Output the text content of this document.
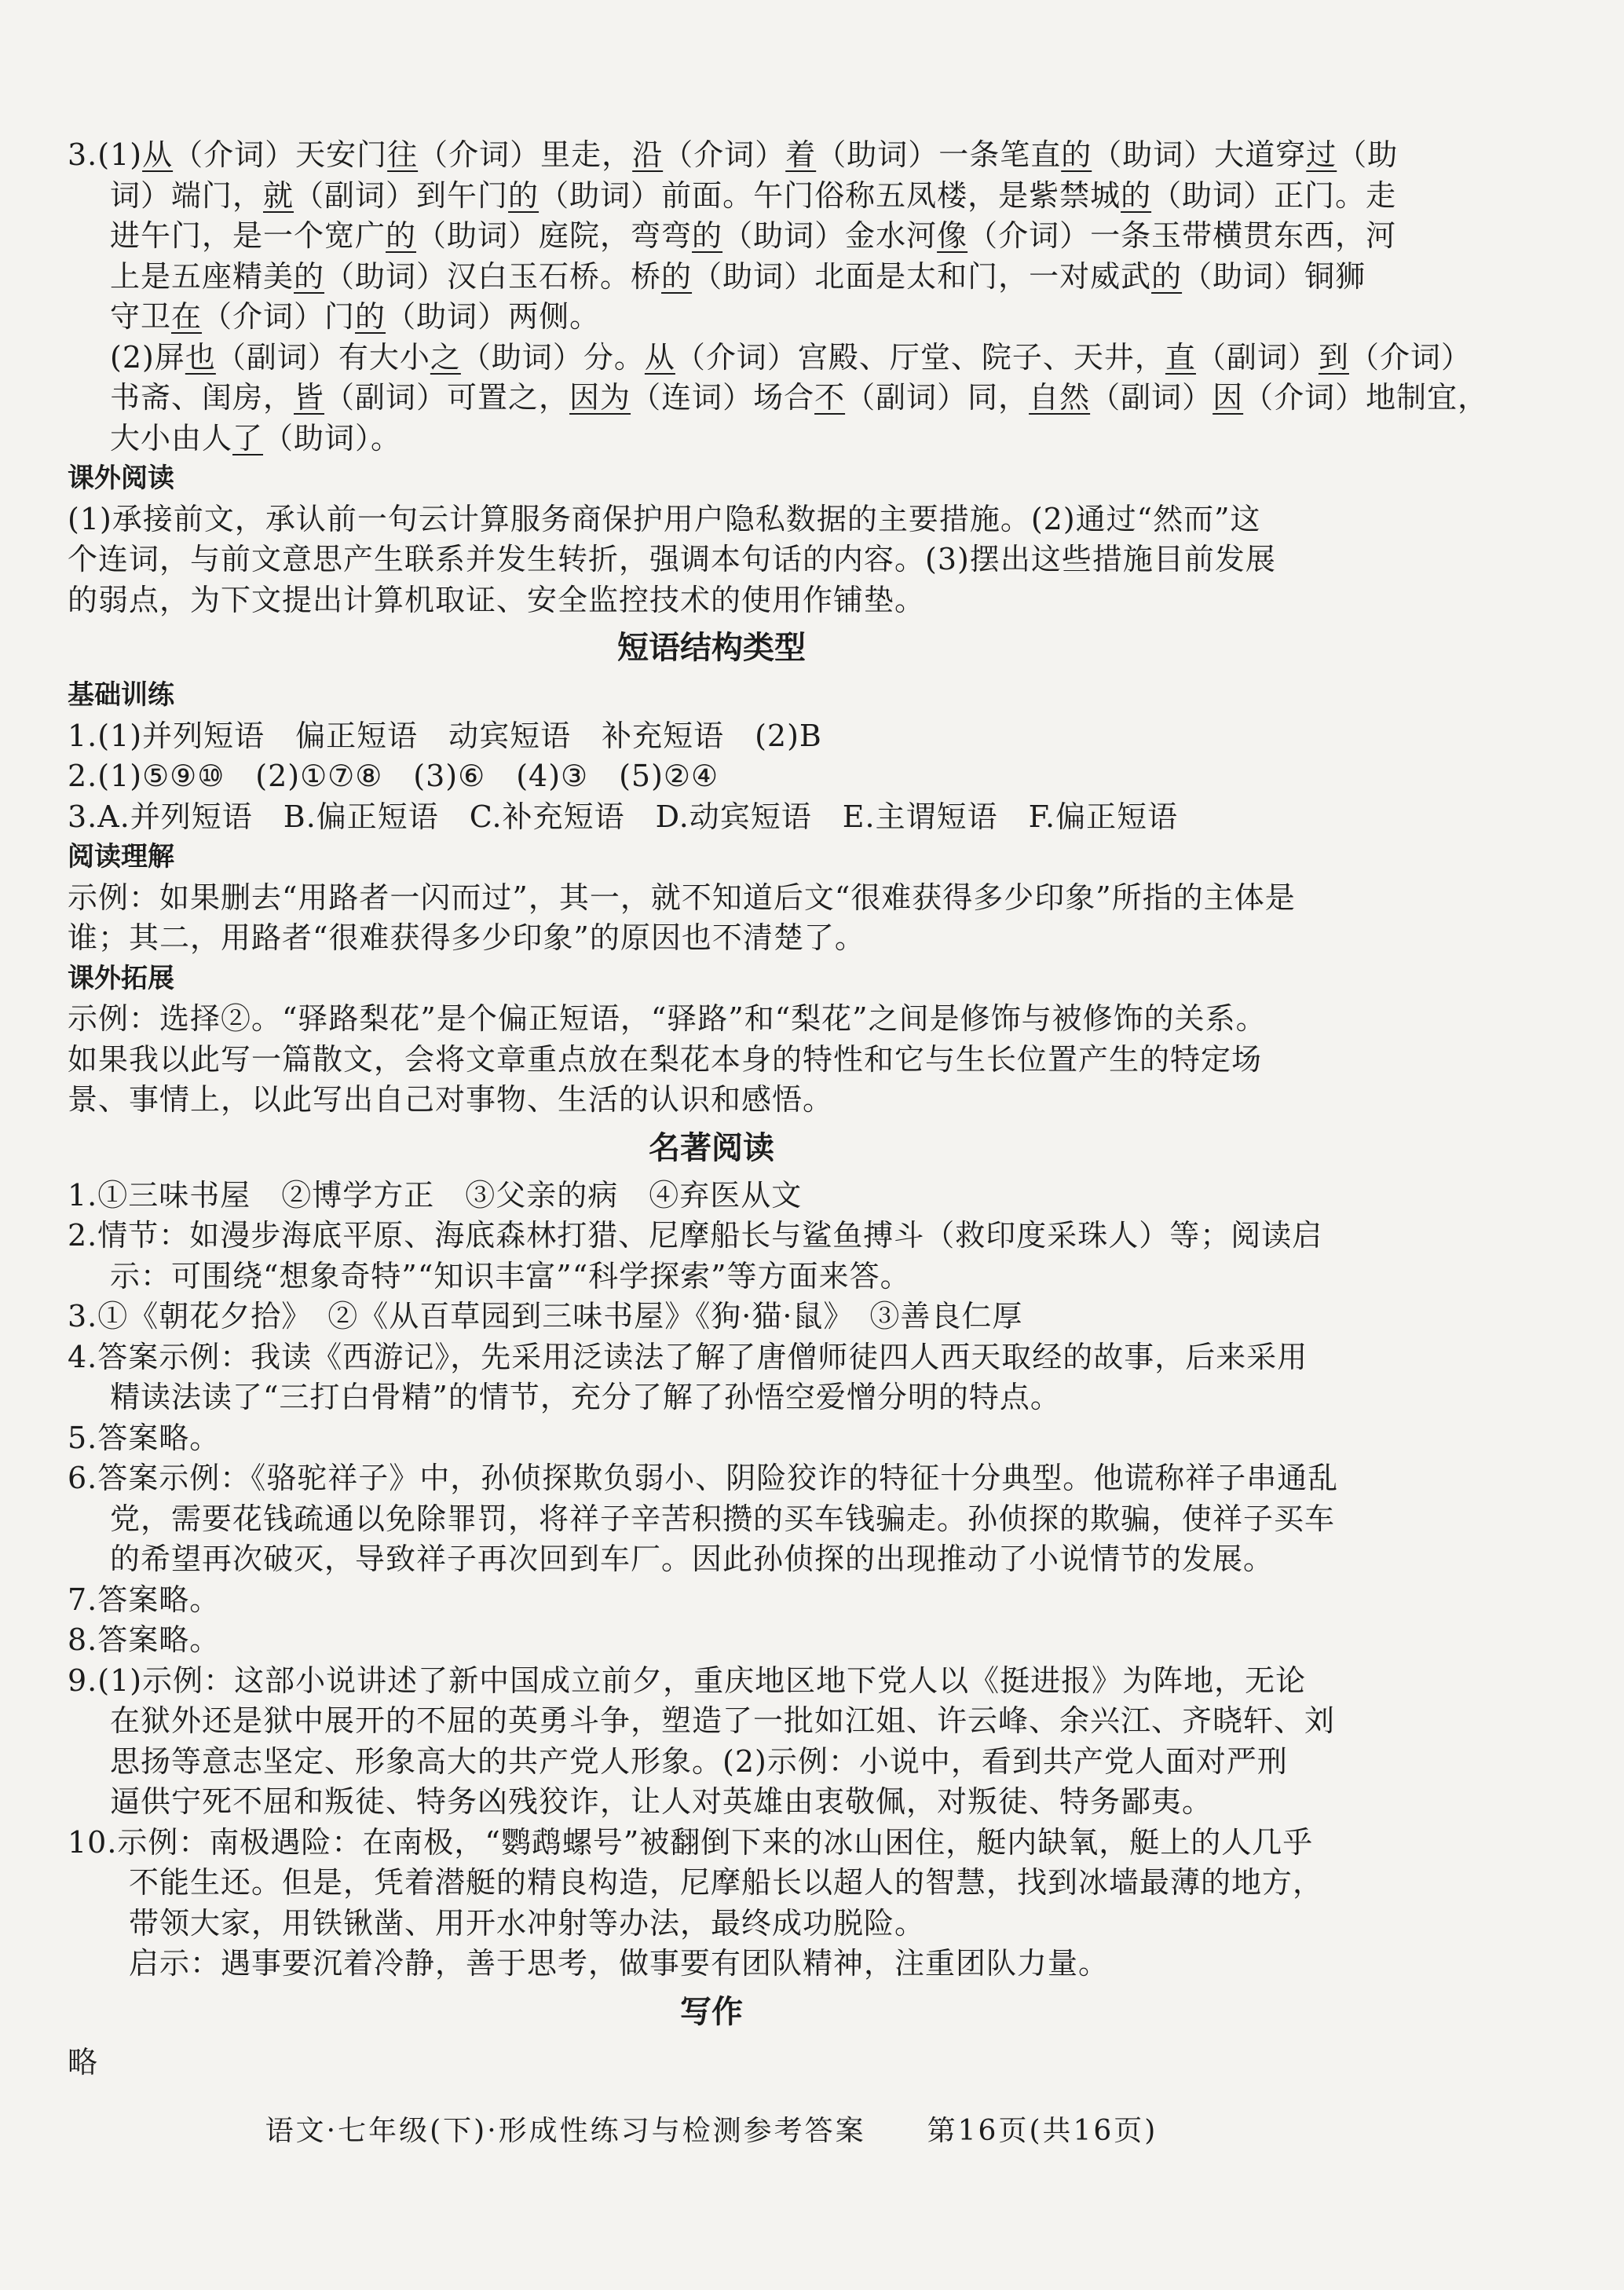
3.(1)从（介词）天安门往（介词）里走，沿（介词）着（助词）一条笔直的（助词）大道穿过（助
词）端门，就（副词）到午门的（助词）前面。午门俗称五凤楼，是紫禁城的（助词）正门。走
进午门，是一个宽广的（助词）庭院，弯弯的（助词）金水河像（介词）一条玉带横贯东西，河
上是五座精美的（助词）汉白玉石桥。桥的（助词）北面是太和门，一对威武的（助词）铜狮
守卫在（介词）门的（助词）两侧。
(2)屏也（副词）有大小之（助词）分。从（介词）宫殿、厅堂、院子、天井，直（副词）到（介词）
书斋、闺房，皆（副词）可置之，因为（连词）场合不（副词）同，自然（副词）因（介词）地制宜，
大小由人了（助词）。
课外阅读
(1)承接前文，承认前一句云计算服务商保护用户隐私数据的主要措施。(2)通过“然而”这
个连词，与前文意思产生联系并发生转折，强调本句话的内容。(3)摆出这些措施目前发展
的弱点，为下文提出计算机取证、安全监控技术的使用作铺垫。
短语结构类型
基础训练
1.(1)并列短语　偏正短语　动宾短语　补充短语　(2)B
2.(1)⑤⑨⑩　(2)①⑦⑧　(3)⑥　(4)③　(5)②④
3.A.并列短语　B.偏正短语　C.补充短语　D.动宾短语　E.主谓短语　F.偏正短语
阅读理解
示例：如果删去“用路者一闪而过”，其一，就不知道后文“很难获得多少印象”所指的主体是
谁；其二，用路者“很难获得多少印象”的原因也不清楚了。
课外拓展
示例：选择②。“驿路梨花”是个偏正短语，“驿路”和“梨花”之间是修饰与被修饰的关系。
如果我以此写一篇散文，会将文章重点放在梨花本身的特性和它与生长位置产生的特定场
景、事情上，以此写出自己对事物、生活的认识和感悟。
名著阅读
1.①三味书屋　②博学方正　③父亲的病　④弃医从文
2.情节：如漫步海底平原、海底森林打猎、尼摩船长与鲨鱼搏斗（救印度采珠人）等；阅读启
示：可围绕“想象奇特”“知识丰富”“科学探索”等方面来答。
3.①《朝花夕拾》　②《从百草园到三味书屋》《狗·猫·鼠》　③善良仁厚
4.答案示例：我读《西游记》，先采用泛读法了解了唐僧师徒四人西天取经的故事，后来采用
精读法读了“三打白骨精”的情节，充分了解了孙悟空爱憎分明的特点。
5.答案略。
6.答案示例：《骆驼祥子》中，孙侦探欺负弱小、阴险狡诈的特征十分典型。他谎称祥子串通乱
党，需要花钱疏通以免除罪罚，将祥子辛苦积攒的买车钱骗走。孙侦探的欺骗，使祥子买车
的希望再次破灭，导致祥子再次回到车厂。因此孙侦探的出现推动了小说情节的发展。
7.答案略。
8.答案略。
9.(1)示例：这部小说讲述了新中国成立前夕，重庆地区地下党人以《挺进报》为阵地，无论
在狱外还是狱中展开的不屈的英勇斗争，塑造了一批如江姐、许云峰、余兴江、齐晓轩、刘
思扬等意志坚定、形象高大的共产党人形象。(2)示例：小说中，看到共产党人面对严刑
逼供宁死不屈和叛徒、特务凶残狡诈，让人对英雄由衷敬佩，对叛徒、特务鄙夷。
10.示例：南极遇险：在南极，“鹦鹉螺号”被翻倒下来的冰山困住，艇内缺氧，艇上的人几乎
不能生还。但是，凭着潜艇的精良构造，尼摩船长以超人的智慧，找到冰墙最薄的地方，
带领大家，用铁锹凿、用开水冲射等办法，最终成功脱险。
启示：遇事要沉着冷静，善于思考，做事要有团队精神，注重团队力量。
写作
略
语文·七年级(下)·形成性练习与检测参考答案　　第16页(共16页)
